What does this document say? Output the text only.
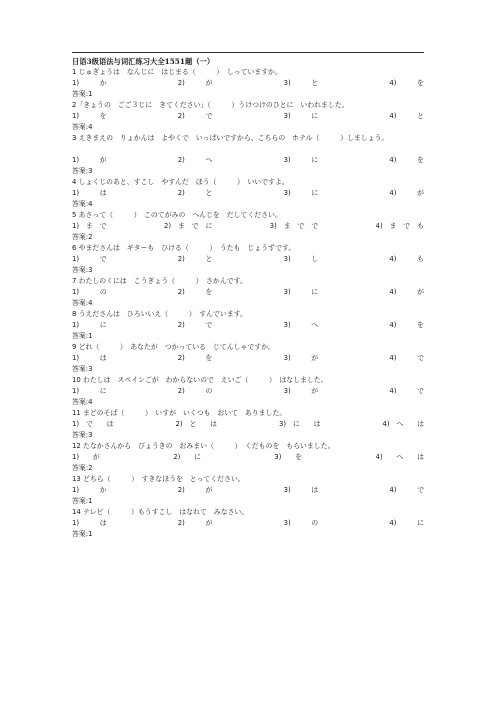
日语3级语法与词汇练习大全1551题（一）
1 じゅぎょうは　なんじに　はじまる（　　　）　しっていますか。
1)　　　か	2)　　　が	3)　　　と	4)　　　を
答案:1
2「きょうの　ごご３じに　きてください」（　　　）うけつけのひとに　いわれました。
1)　　　を	2)　　　で	3)　　　に	4)　　　と
答案:4
3 えきまえの　りょかんは　よやくで　いっぱいですから、こちらの　ホテル（　　　）しましょう。
1)　　　が	2)　　　へ	3)　　　に	4)　　　を
答案:3
4 しょくじのあと、すこし　やすんだ　ほう（　　　）　いいですよ。
1)　　　は	2)　　　と	3)　　　に	4)　　　が
答案:4
5 あさって（　　　）　このてがみの　へんじを　だしてください。
1)　ま　で	2)　ま　で　に	3)　ま　で　で	4)　ま　で　も
答案:2
6 やまださんは　ギターも　ひける（　　　）　うたも　じょうずです。
1)　　　で	2)　　　と	3)　　　し	4)　　　も
答案:3
7 わたしのくには　こうぎょう（　　　）　さかんです。
1)　　　の	2)　　　を	3)　　　に	4)　　　が
答案:4
8 うえださんは　ひろいいえ（　　　）　すんでいます。
1)　　　に	2)　　　で	3)　　　へ	4)　　　を
答案:1
9 どれ（　　　）　あなたが　つかっている　じてんしゃですか。
1)　　　は	2)　　　を	3)　　　が	4)　　　で
答案:3
10 わたしは　スペインごが　わからないので　えいご（　　　）　はなしました。
1)　　　に	2)　　　の	3)　　　が	4)　　　で
答案:4
11 まどのそば（　　　）　いすが　いくつも　おいて　ありました。
1)　で　　は	2)　と　　は	3)　に　　は	4)　へ　　は
答案:3
12 たなかさんから　びょうきの　おみまい（　　　）　くだものを　もらいました。
1)　　が	2)　　に	3)　　を	4)　　へ　　は
答案:2
13 どちら（　　　）　すきなほうを　とってください。
1)　　　か	2)　　　が	3)　　　は	4)　　　で
答案:1
14 テレビ（　　　）もうすこし　はなれて　みなさい。
1)　　　は	2)　　　が	3)　　　の	4)　　　に
答案:1
